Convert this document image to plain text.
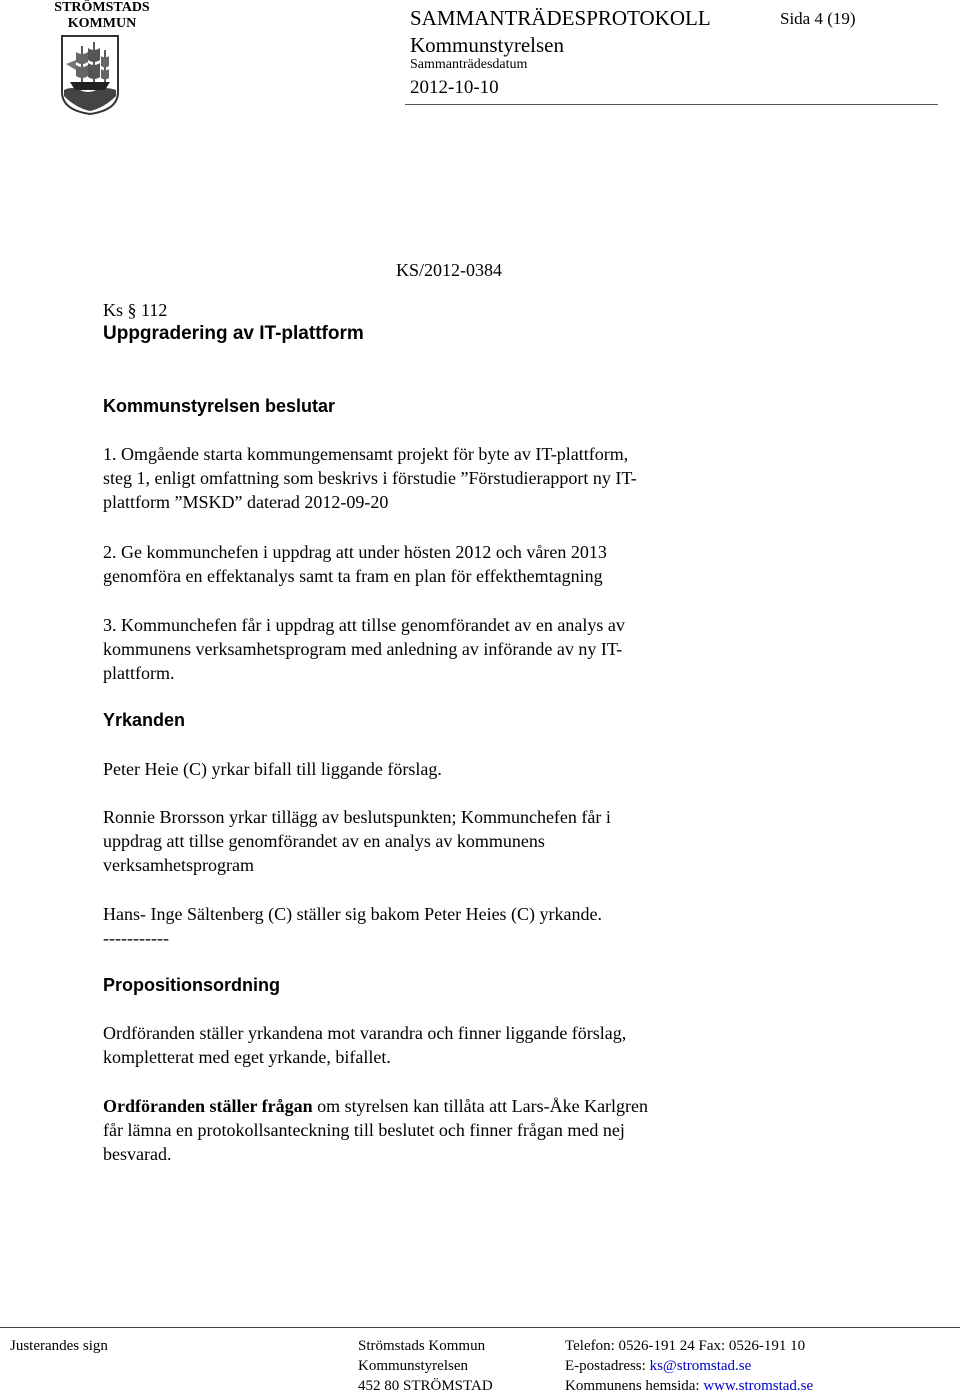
STRÖMSTADS
KOMMUN	SAMMANTRÄDESPROTOKOLL	Sida 4 (19)
Kommunstyrelsen
Sammanträdesdatum
2012-10-10
KS/2012-0384
Ks § 112
Uppgradering av IT-plattform
Kommunstyrelsen beslutar
1. Omgående starta kommungemensamt projekt för byte av IT-plattform,
steg 1, enligt omfattning som beskrivs i förstudie ”Förstudierapport ny IT-
plattform ”MSKD” daterad 2012-09-20
2. Ge kommunchefen i uppdrag att under hösten 2012 och våren 2013
genomföra en effektanalys samt ta fram en plan för effekthemtagning
3. Kommunchefen får i uppdrag att tillse genomförandet av en analys av
kommunens verksamhetsprogram med anledning av införande av ny IT-
plattform.
Yrkanden
Peter Heie (C) yrkar bifall till liggande förslag.
Ronnie Brorsson yrkar tillägg av beslutspunkten; Kommunchefen får i
uppdrag att tillse genomförandet av en analys av kommunens
verksamhetsprogram
Hans- Inge Sältenberg (C) ställer sig bakom Peter Heies (C) yrkande.
-----------
Propositionsordning
Ordföranden ställer yrkandena mot varandra och finner liggande förslag,
kompletterat med eget yrkande, bifallet.
Ordföranden ställer frågan om styrelsen kan tillåta att Lars-Åke Karlgren
får lämna en protokollsanteckning till beslutet och finner frågan med nej
besvarad.
Justerandes sign	Strömstads Kommun
Kommunstyrelsen
452 80 STRÖMSTAD
Telefon: 0526-191 24 Fax: 0526-191 10
E-postadress: ks@stromstad.se
Kommunens hemsida: www.stromstad.se
